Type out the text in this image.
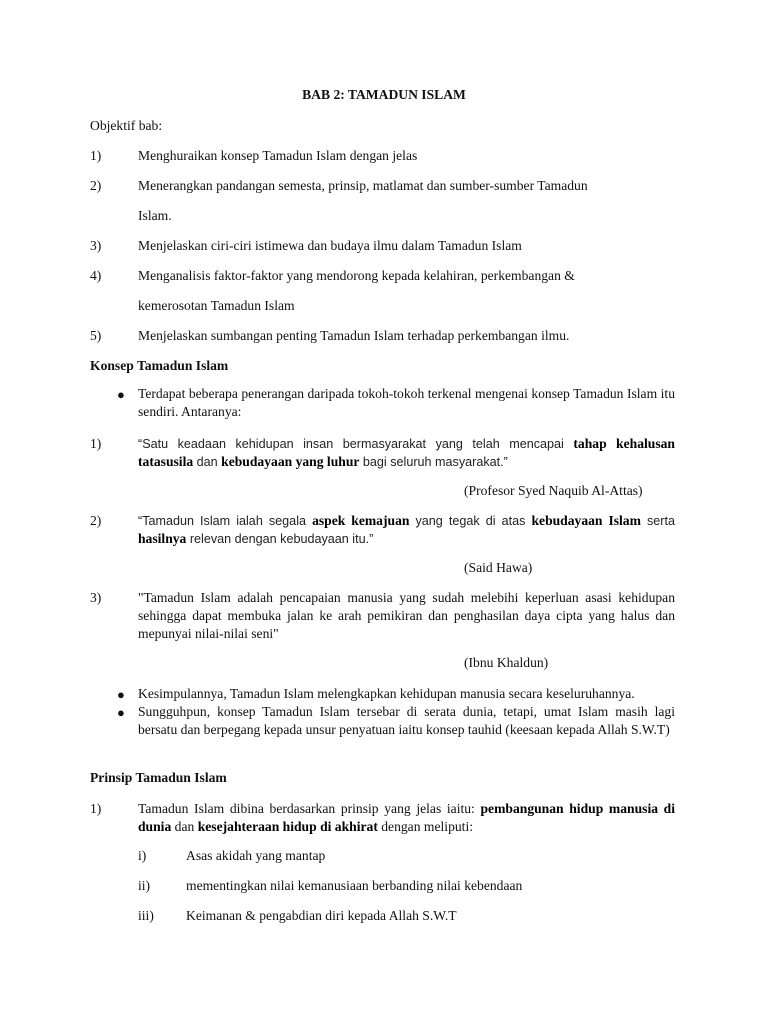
BAB 2: TAMADUN ISLAM
Objektif bab:
1)	Menghuraikan konsep Tamadun Islam dengan jelas
2)	Menerangkan pandangan semesta, prinsip, matlamat dan sumber-sumber Tamadun
Islam.
3)	Menjelaskan ciri-ciri istimewa dan budaya ilmu dalam Tamadun Islam
4)	Menganalisis faktor-faktor yang mendorong kepada kelahiran, perkembangan &
kemerosotan Tamadun Islam
5)	Menjelaskan sumbangan penting Tamadun Islam terhadap perkembangan ilmu.
Konsep Tamadun Islam
● Terdapat beberapa penerangan daripada tokoh-tokoh terkenal mengenai konsep Tamadun Islam itu sendiri. Antaranya:
1)	“Satu keadaan kehidupan insan bermasyarakat yang telah mencapai tahap kehalusan tatasusila dan kebudayaan yang luhur bagi seluruh masyarakat.”
(Profesor Syed Naquib Al-Attas)
2)	“Tamadun Islam ialah segala aspek kemajuan yang tegak di atas kebudayaan Islam serta hasilnya relevan dengan kebudayaan itu.”
(Said Hawa)
3)	"Tamadun Islam adalah pencapaian manusia yang sudah melebihi keperluan asasi kehidupan sehingga dapat membuka jalan ke arah pemikiran dan penghasilan daya cipta yang halus dan mepunyai nilai-nilai seni"
(Ibnu Khaldun)
● Kesimpulannya, Tamadun Islam melengkapkan kehidupan manusia secara keseluruhannya.
● Sungguhpun, konsep Tamadun Islam tersebar di serata dunia, tetapi, umat Islam masih lagi bersatu dan berpegang kepada unsur penyatuan iaitu konsep tauhid (keesaan kepada Allah S.W.T)
Prinsip Tamadun Islam
1)	Tamadun Islam dibina berdasarkan prinsip yang jelas iaitu: pembangunan hidup manusia di dunia dan kesejahteraan hidup di akhirat dengan meliputi:
i)	Asas akidah yang mantap
ii)	mementingkan nilai kemanusiaan berbanding nilai kebendaan
iii) Keimanan & pengabdian diri kepada Allah S.W.T
